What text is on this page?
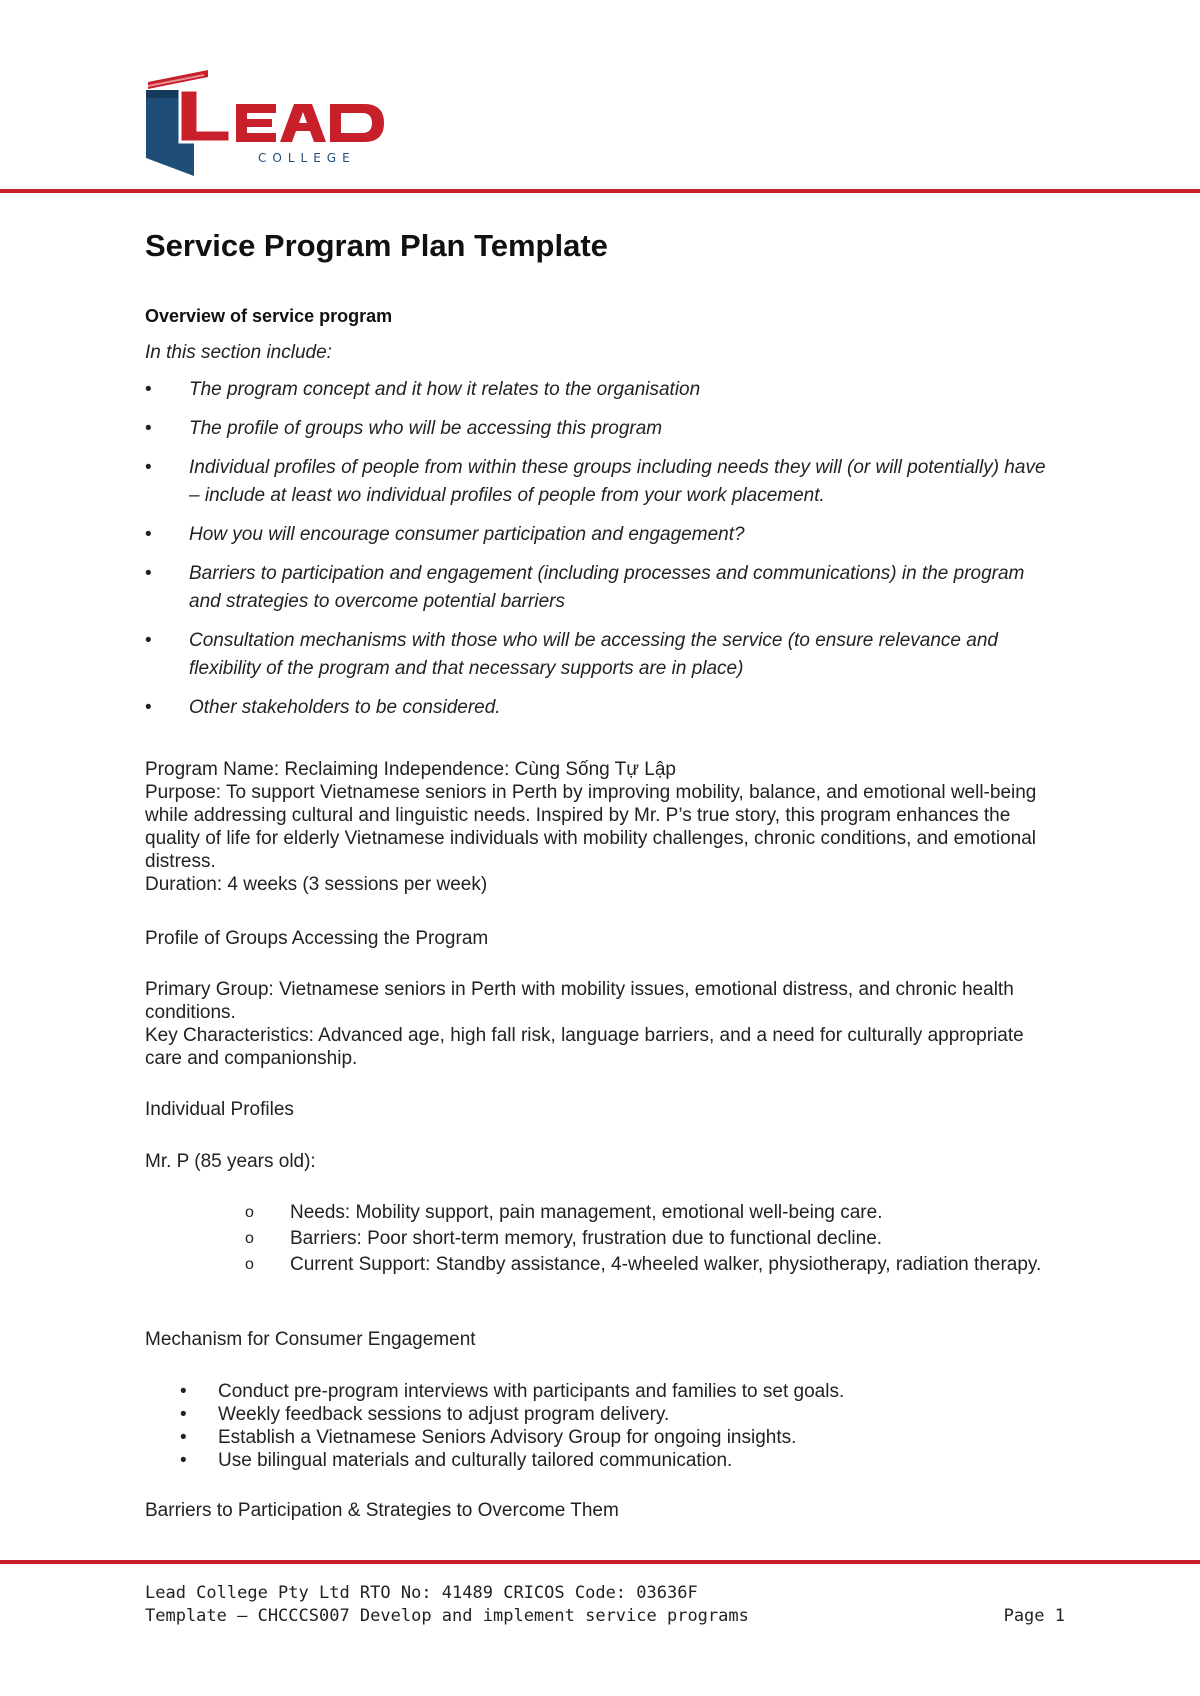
COLLEGE
Service Program Plan Template
Overview of service program
In this section include:
• The program concept and it how it relates to the organisation
• The profile of groups who will be accessing this program
• Individual profiles of people from within these groups including needs they will (or will potentially) have – include at least wo individual profiles of people from your work placement.
• How you will encourage consumer participation and engagement?
• Barriers to participation and engagement (including processes and communications) in the program and strategies to overcome potential barriers
• Consultation mechanisms with those who will be accessing the service (to ensure relevance and flexibility of the program and that necessary supports are in place)
• Other stakeholders to be considered.

Program Name: Reclaiming Independence: Cùng Sống Tự Lập

Purpose: To support Vietnamese seniors in Perth by improving mobility, balance, and emotional well-being while addressing cultural and linguistic needs. Inspired by Mr. P’s true story, this program enhances the quality of life for elderly Vietnamese individuals with mobility challenges, chronic conditions, and emotional distress.

Duration: 4 weeks (3 sessions per week)

Profile of Groups Accessing the Program

Primary Group: Vietnamese seniors in Perth with mobility issues, emotional distress, and chronic health conditions.

Key Characteristics: Advanced age, high fall risk, language barriers, and a need for culturally appropriate care and companionship.

Individual Profiles
Mr. P (85 years old):
o Needs: Mobility support, pain management, emotional well-being care.
o Barriers: Poor short-term memory, frustration due to functional decline.
o Current Support: Standby assistance, 4-wheeled walker, physiotherapy, radiation therapy.
Mechanism for Consumer Engagement
• Conduct pre-program interviews with participants and families to set goals.
• Weekly feedback sessions to adjust program delivery.
• Establish a Vietnamese Seniors Advisory Group for ongoing insights.
• Use bilingual materials and culturally tailored communication.
Barriers to Participation & Strategies to Overcome Them
Lead College Pty Ltd RTO No: 41489 CRICOS Code: 03636F
Template – CHCCCS007 Develop and implement service programs	Page 1
